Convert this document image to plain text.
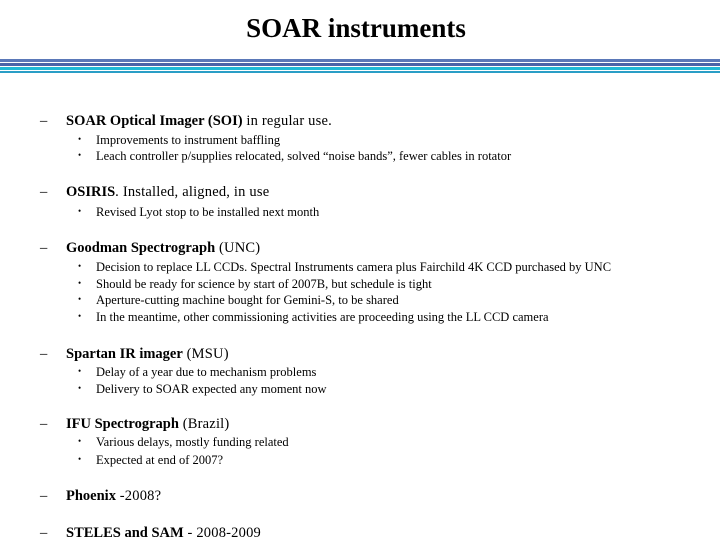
SOAR instruments
– SOAR Optical Imager (SOI) in regular use.
• Improvements to instrument baffling
• Leach controller p/supplies relocated, solved “noise bands”, fewer cables in rotator
– OSIRIS. Installed, aligned, in use
• Revised Lyot stop to be installed next month
– Goodman Spectrograph (UNC)
• Decision to replace LL CCDs. Spectral Instruments camera plus Fairchild 4K CCD purchased by UNC
• Should be ready for science by start of 2007B, but schedule is tight
• Aperture-cutting machine bought for Gemini-S, to be shared
• In the meantime, other commissioning activities are proceeding using the LL CCD camera
– Spartan IR imager (MSU)
• Delay of a year due to mechanism problems
• Delivery to SOAR expected any moment now
– IFU Spectrograph (Brazil)
• Various delays, mostly funding related
• Expected at end of 2007?
– Phoenix -2008?
– STELES and SAM - 2008-2009
